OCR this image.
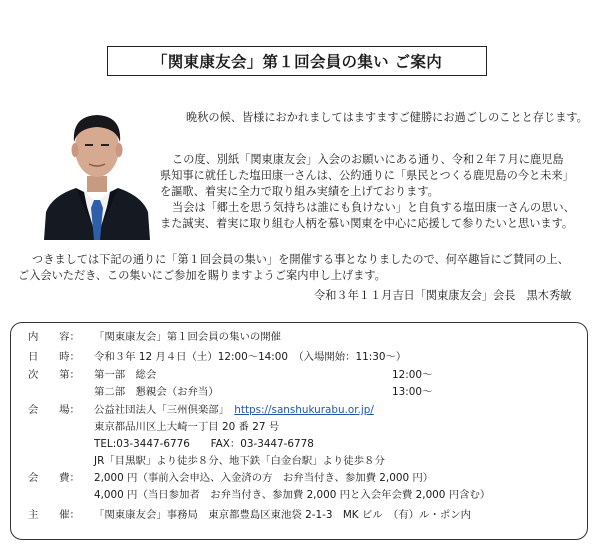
「関東康友会」第１回会員の集い ご案内
晩秋の候、皆様におかれましてはますますご健勝にお過ごしのことと存じます。
この度、別紙「関東康友会」入会のお願いにある通り、令和２年７月に鹿児島
県知事に就任した塩田康一さんは、公約通りに「県民とつくる鹿児島の今と未来」
を謳歌、着実に全力で取り組み実績を上げております。
当会は「郷土を思う気持ちは誰にも負けない」と自負する塩田康一さんの思い、
また誠実、着実に取り組む人柄を慕い関東を中心に応援して参りたいと思います。
つきましては下記の通りに「第１回会員の集い」を開催する事となりましたので、何卒趣旨にご賛同の上、
ご入会いただき、この集いにご参加を賜りますようご案内申し上げます。
令和３年１１月吉日「関東康友会」会長　黒木秀敏
内　　容： 「関東康友会」第１回会員の集いの開催
日　　時： 令和３年 12 月４日（土）12:00～14:00　（入場開始：11:30～）
次　　第： 第一部　総会	12:00～
第二部　懇親会（お弁当）	13:00～
会　　場： 公益社団法人「三州倶楽部」　 https://sanshukurabu.or.jp/
東京都品川区上大崎一丁目 20 番 27 号
TEL:03-3447-6776　　 FAX：03-3447-6778
JR「目黒駅」より徒歩８分、地下鉄「白金台駅」より徒歩８分
会　　費： 2,000 円（事前入会申込、入金済の方　お弁当付き、参加費 2,000 円）
4,000 円（当日参加者　お弁当付き、参加費 2,000 円と入会年会費 2,000 円含む）
主　　催： 「関東康友会」事務局　東京都豊島区東池袋 2-1-3　MK ビル　（有）ル・ポン内
